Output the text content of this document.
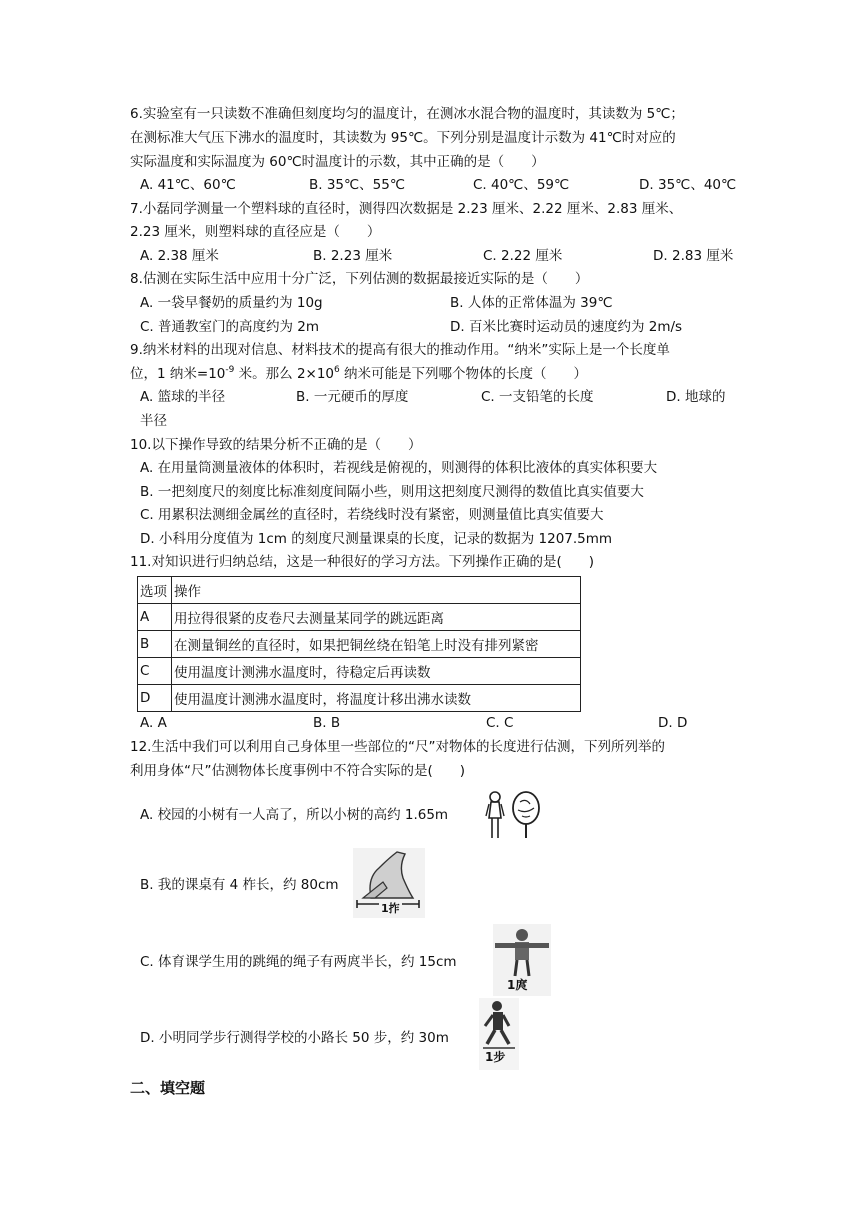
6.实验室有一只读数不准确但刻度均匀的温度计，在测冰水混合物的温度时，其读数为 5℃；
在测标准大气压下沸水的温度时，其读数为 95℃。下列分别是温度计示数为 41℃时对应的
实际温度和实际温度为 60℃时温度计的示数，其中正确的是（　　）
A. 41℃、60℃	B. 35℃、55℃	C. 40℃、59℃	D. 35℃、40℃
7.小磊同学测量一个塑料球的直径时，测得四次数据是 2.23 厘米、2.22 厘米、2.83 厘米、
2.23 厘米，则塑料球的直径应是（　　）
A. 2.38 厘米	B. 2.23 厘米	C. 2.22 厘米	D. 2.83 厘米
8.估测在实际生活中应用十分广泛，下列估测的数据最接近实际的是（　　）
A. 一袋早餐奶的质量约为 10g	B. 人体的正常体温为 39℃
C. 普通教室门的高度约为 2m	D. 百米比赛时运动员的速度约为 2m/s
9.纳米材料的出现对信息、材料技术的提高有很大的推动作用。“纳米”实际上是一个长度单
位，1 纳米$=10^{-9}$ 米。那么 $2\times 10^6$ 纳米可能是下列哪个物体的长度（　　）
A. 篮球的半径	B. 一元硬币的厚度	C. 一支铅笔的长度	D. 地球的
半径
10.以下操作导致的结果分析不正确的是（　　）
A. 在用量筒测量液体的体积时，若视线是俯视的，则测得的体积比液体的真实体积要大
B. 一把刻度尺的刻度比标准刻度间隔小些，则用这把刻度尺测得的数值比真实值要大
C. 用累积法测细金属丝的直径时，若绕线时没有紧密，则测量值比真实值要大
D. 小科用分度值为 1cm 的刻度尺测量课桌的长度，记录的数据为 1207.5mm
11.对知识进行归纳总结，这是一种很好的学习方法。下列操作正确的是(　　)
选项	操作
A	用拉得很紧的皮卷尺去测量某同学的跳远距离
B	在测量铜丝的直径时，如果把铜丝绕在铅笔上时没有排列紧密
C	使用温度计测沸水温度时，待稳定后再读数
D	使用温度计测沸水温度时，将温度计移出沸水读数
A. A	B. B	C. C	D. D
12.生活中我们可以利用自己身体里一些部位的“尺”对物体的长度进行估测，下列所列举的
利用身体“尺”估测物体长度事例中不符合实际的是(　　)
A. 校园的小树有一人高了，所以小树的高约 1.65m
B. 我的课桌有 4 柞长，约 80cm
1拃
C. 体育课学生用的跳绳的绳子有两庹半长，约 15cm
1庹
D. 小明同学步行测得学校的小路长 50 步，约 30m
1步
二、填空题
